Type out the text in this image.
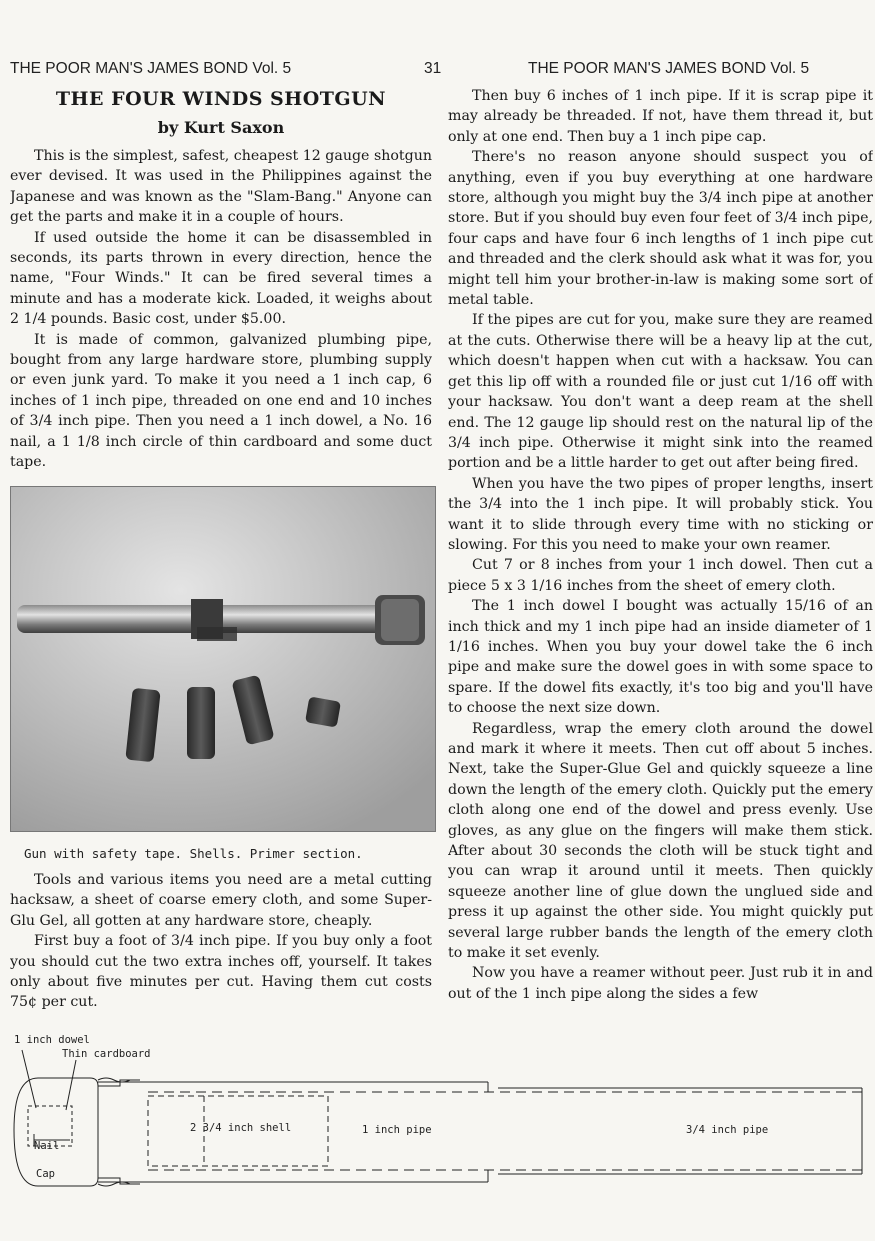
THE POOR MAN'S JAMES BOND Vol. 5	31	THE POOR MAN'S JAMES BOND Vol. 5
THE FOUR WINDS SHOTGUN
by Kurt Saxon

This is the simplest, safest, cheapest 12 gauge shotgun ever devised. It was used in the Philippines against the Japanese and was known as the "Slam-Bang." Anyone can get the parts and make it in a couple of hours.

If used outside the home it can be disassembled in seconds, its parts thrown in every direction, hence the name, "Four Winds." It can be fired several times a minute and has a moderate kick. Loaded, it weighs about 2 1/4 pounds. Basic cost, under $5.00.

It is made of common, galvanized plumbing pipe, bought from any large hardware store, plumbing supply or even junk yard. To make it you need a 1 inch cap, 6 inches of 1 inch pipe, threaded on one end and 10 inches of 3/4 inch pipe. Then you need a 1 inch dowel, a No. 16 nail, a 1 1/8 inch circle of thin cardboard and some duct tape.

Gun with safety tape. Shells. Primer section.

Tools and various items you need are a metal cutting hacksaw, a sheet of coarse emery cloth, and some Super-Glu Gel, all gotten at any hardware store, cheaply.

First buy a foot of 3/4 inch pipe. If you buy only a foot you should cut the two extra inches off, yourself. It takes only about five minutes per cut. Having them cut costs 75¢ per cut.

Then buy 6 inches of 1 inch pipe. If it is scrap pipe it may already be threaded. If not, have them thread it, but only at one end. Then buy a 1 inch pipe cap.

There's no reason anyone should suspect you of anything, even if you buy everything at one hardware store, although you might buy the 3/4 inch pipe at another store. But if you should buy even four feet of 3/4 inch pipe, four caps and have four 6 inch lengths of 1 inch pipe cut and threaded and the clerk should ask what it was for, you might tell him your brother-in-law is making some sort of metal table.

If the pipes are cut for you, make sure they are reamed at the cuts. Otherwise there will be a heavy lip at the cut, which doesn't happen when cut with a hacksaw. You can get this lip off with a rounded file or just cut 1/16 off with your hacksaw. You don't want a deep ream at the shell end. The 12 gauge lip should rest on the natural lip of the 3/4 inch pipe. Otherwise it might sink into the reamed portion and be a little harder to get out after being fired.

When you have the two pipes of proper lengths, insert the 3/4 into the 1 inch pipe. It will probably stick. You want it to slide through every time with no sticking or slowing. For this you need to make your own reamer.

Cut 7 or 8 inches from your 1 inch dowel. Then cut a piece 5 x 3 1/16 inches from the sheet of emery cloth.

The 1 inch dowel I bought was actually 15/16 of an inch thick and my 1 inch pipe had an inside diameter of 1 1/16 inches. When you buy your dowel take the 6 inch pipe and make sure the dowel goes in with some space to spare. If the dowel fits exactly, it's too big and you'll have to choose the next size down.

Regardless, wrap the emery cloth around the dowel and mark it where it meets. Then cut off about 5 inches. Next, take the Super-Glue Gel and quickly squeeze a line down the length of the emery cloth. Quickly put the emery cloth along one end of the dowel and press evenly. Use gloves, as any glue on the fingers will make them stick. After about 30 seconds the cloth will be stuck tight and you can wrap it around until it meets. Then quickly squeeze another line of glue down the unglued side and press it up against the other side. You might quickly put several large rubber bands the length of the emery cloth to make it set evenly.

Now you have a reamer without peer. Just rub it in and out of the 1 inch pipe along the sides a few

1 inch dowel
Thin cardboard
Nail
Cap
2 3/4 inch shell	1 inch pipe	3/4 inch pipe
